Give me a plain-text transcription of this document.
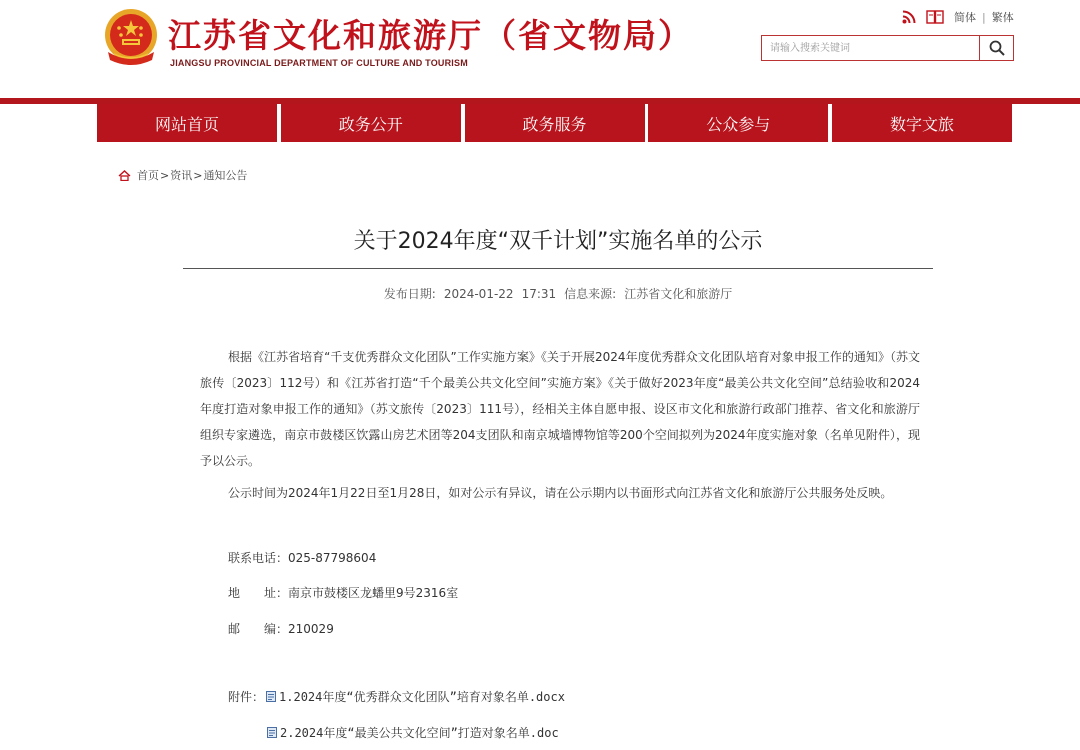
江苏省文化和旅游厅（省文物局）
JIANGSU PROVINCIAL DEPARTMENT OF CULTURE AND TOURISM
简体 | 繁体
请输入搜索关键词
网站首页	政务公开	政务服务	公众参与	数字文旅
首页 > 资讯 > 通知公告
关于2024年度“双千计划”实施名单的公示
发布日期: 2024-01-22 17:31 信息来源: 江苏省文化和旅游厅

根据《江苏省培育“千支优秀群众文化团队”工作实施方案》《关于开展2024年度优秀群众文化团队培育对象申报工作的通知》（苏文旅传〔2023〕112号）和《江苏省打造“千个最美公共文化空间”实施方案》《关于做好2023年度“最美公共文化空间”总结验收和2024年度打造对象申报工作的通知》（苏文旅传〔2023〕111号），经相关主体自愿申报、设区市文化和旅游行政部门推荐、省文化和旅游厅组织专家遴选，南京市鼓楼区饮露山房艺术团等204支团队和南京城墙博物馆等200个空间拟列为2024年度实施对象（名单见附件），现予以公示。

公示时间为2024年1月22日至1月28日，如对公示有异议，请在公示期内以书面形式向江苏省文化和旅游厅公共服务处反映。

联系电话：025-87798604
地　　址：南京市鼓楼区龙蟠里9号2316室
邮　　编：210029
附件： 1.2024年度“优秀群众文化团队”培育对象名单.docx
2.2024年度“最美公共文化空间”打造对象名单.doc
